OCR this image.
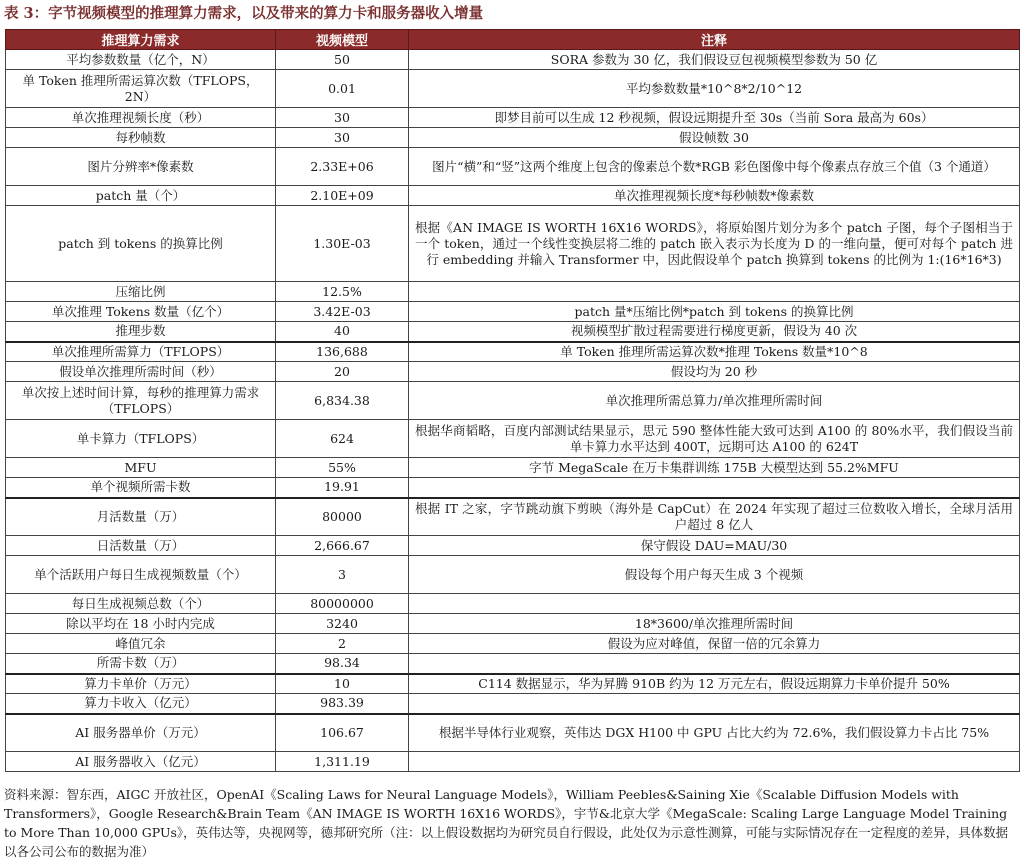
表 3：字节视频模型的推理算力需求，以及带来的算力卡和服务器收入增量
推理算力需求	视频模型	注释
平均参数数量（亿个，N）	50	SORA 参数为 30 亿，我们假设豆包视频模型参数为 50 亿
单 Token 推理所需运算次数（TFLOPS，2N）	0.01	平均参数数量*10^8*2/10^12
单次推理视频长度（秒）	30	即梦目前可以生成 12 秒视频，假设远期提升至 30s（当前 Sora 最高为 60s）
每秒帧数	30	假设帧数 30
图片分辨率*像素数	2.33E+06	图片“横”和“竖”这两个维度上包含的像素总个数*RGB 彩色图像中每个像素点存放三个值（3 个通道）
patch 量（个）	2.10E+09	单次推理视频长度*每秒帧数*像素数
patch 到 tokens 的换算比例	1.30E-03	根据《AN IMAGE IS WORTH 16X16 WORDS》，将原始图片划分为多个 patch 子图，每个子图相当于一个 token，通过一个线性变换层将二维的 patch 嵌入表示为长度为 D 的一维向量，便可对每个 patch 进行 embedding 并输入 Transformer 中，因此假设单个 patch 换算到 tokens 的比例为 1:(16*16*3)
压缩比例	12.5%	
单次推理 Tokens 数量（亿个）	3.42E-03	patch 量*压缩比例*patch 到 tokens 的换算比例
推理步数	40	视频模型扩散过程需要进行梯度更新，假设为 40 次
单次推理所需算力（TFLOPS）	136,688	单 Token 推理所需运算次数*推理 Tokens 数量*10^8
假设单次推理所需时间（秒）	20	假设均为 20 秒
单次按上述时间计算，每秒的推理算力需求（TFLOPS）	6,834.38	单次推理所需总算力/单次推理所需时间
单卡算力（TFLOPS）	624	根据华商韬略，百度内部测试结果显示，思元 590 整体性能大致可达到 A100 的 80%水平，我们假设当前单卡算力水平达到 400T，远期可达 A100 的 624T
MFU	55%	字节 MegaScale 在万卡集群训练 175B 大模型达到 55.2%MFU
单个视频所需卡数	19.91	
月活数量（万）	80000	根据 IT 之家，字节跳动旗下剪映（海外是 CapCut）在 2024 年实现了超过三位数收入增长，全球月活用户超过 8 亿人
日活数量（万）	2,666.67	保守假设 DAU=MAU/30
单个活跃用户每日生成视频数量（个）	3	假设每个用户每天生成 3 个视频
每日生成视频总数（个）	80000000	
除以平均在 18 小时内完成	3240	18*3600/单次推理所需时间
峰值冗余	2	假设为应对峰值，保留一倍的冗余算力
所需卡数（万）	98.34	
算力卡单价（万元）	10	C114 数据显示，华为昇腾 910B 约为 12 万元左右，假设远期算力卡单价提升 50%
算力卡收入（亿元）	983.39	
AI 服务器单价（万元）	106.67	根据半导体行业观察，英伟达 DGX H100 中 GPU 占比大约为 72.6%，我们假设算力卡占比 75%
AI 服务器收入（亿元）	1,311.19	
资料来源：智东西，AIGC 开放社区，OpenAI《Scaling Laws for Neural Language Models》，William Peebles&Saining Xie《Scalable Diffusion Models with Transformers》，Google Research&Brain Team《AN IMAGE IS WORTH 16X16 WORDS》，宇节&北京大学《MegaScale: Scaling Large Language Model Training to More Than 10,000 GPUs》，英伟达等，央视网等，德邦研究所（注：以上假设数据均为研究员自行假设，此处仅为示意性测算，可能与实际情况存在一定程度的差异，具体数据以各公司公布的数据为准）
